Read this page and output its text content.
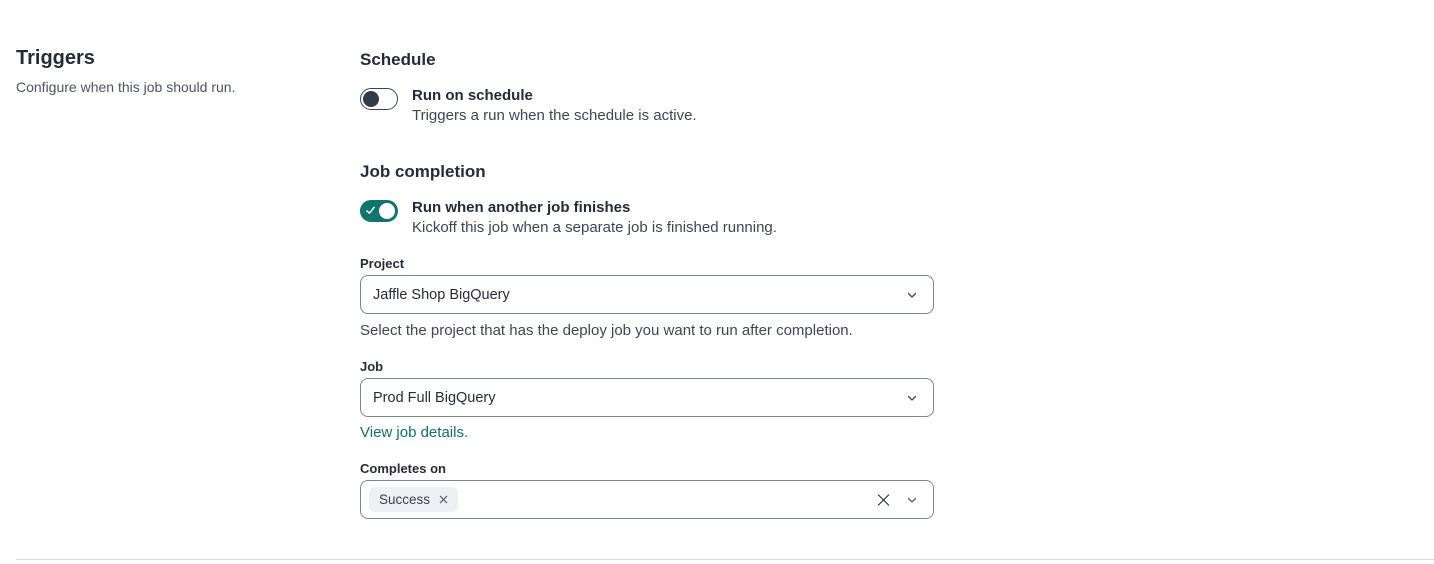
Triggers
Configure when this job should run.
Schedule
Run on schedule
Triggers a run when the schedule is active.
Job completion
Run when another job finishes
Kickoff this job when a separate job is finished running.
Project
Jaffle Shop BigQuery
Select the project that has the deploy job you want to run after completion.
Job
Prod Full BigQuery
View job details.
Completes on
Success
